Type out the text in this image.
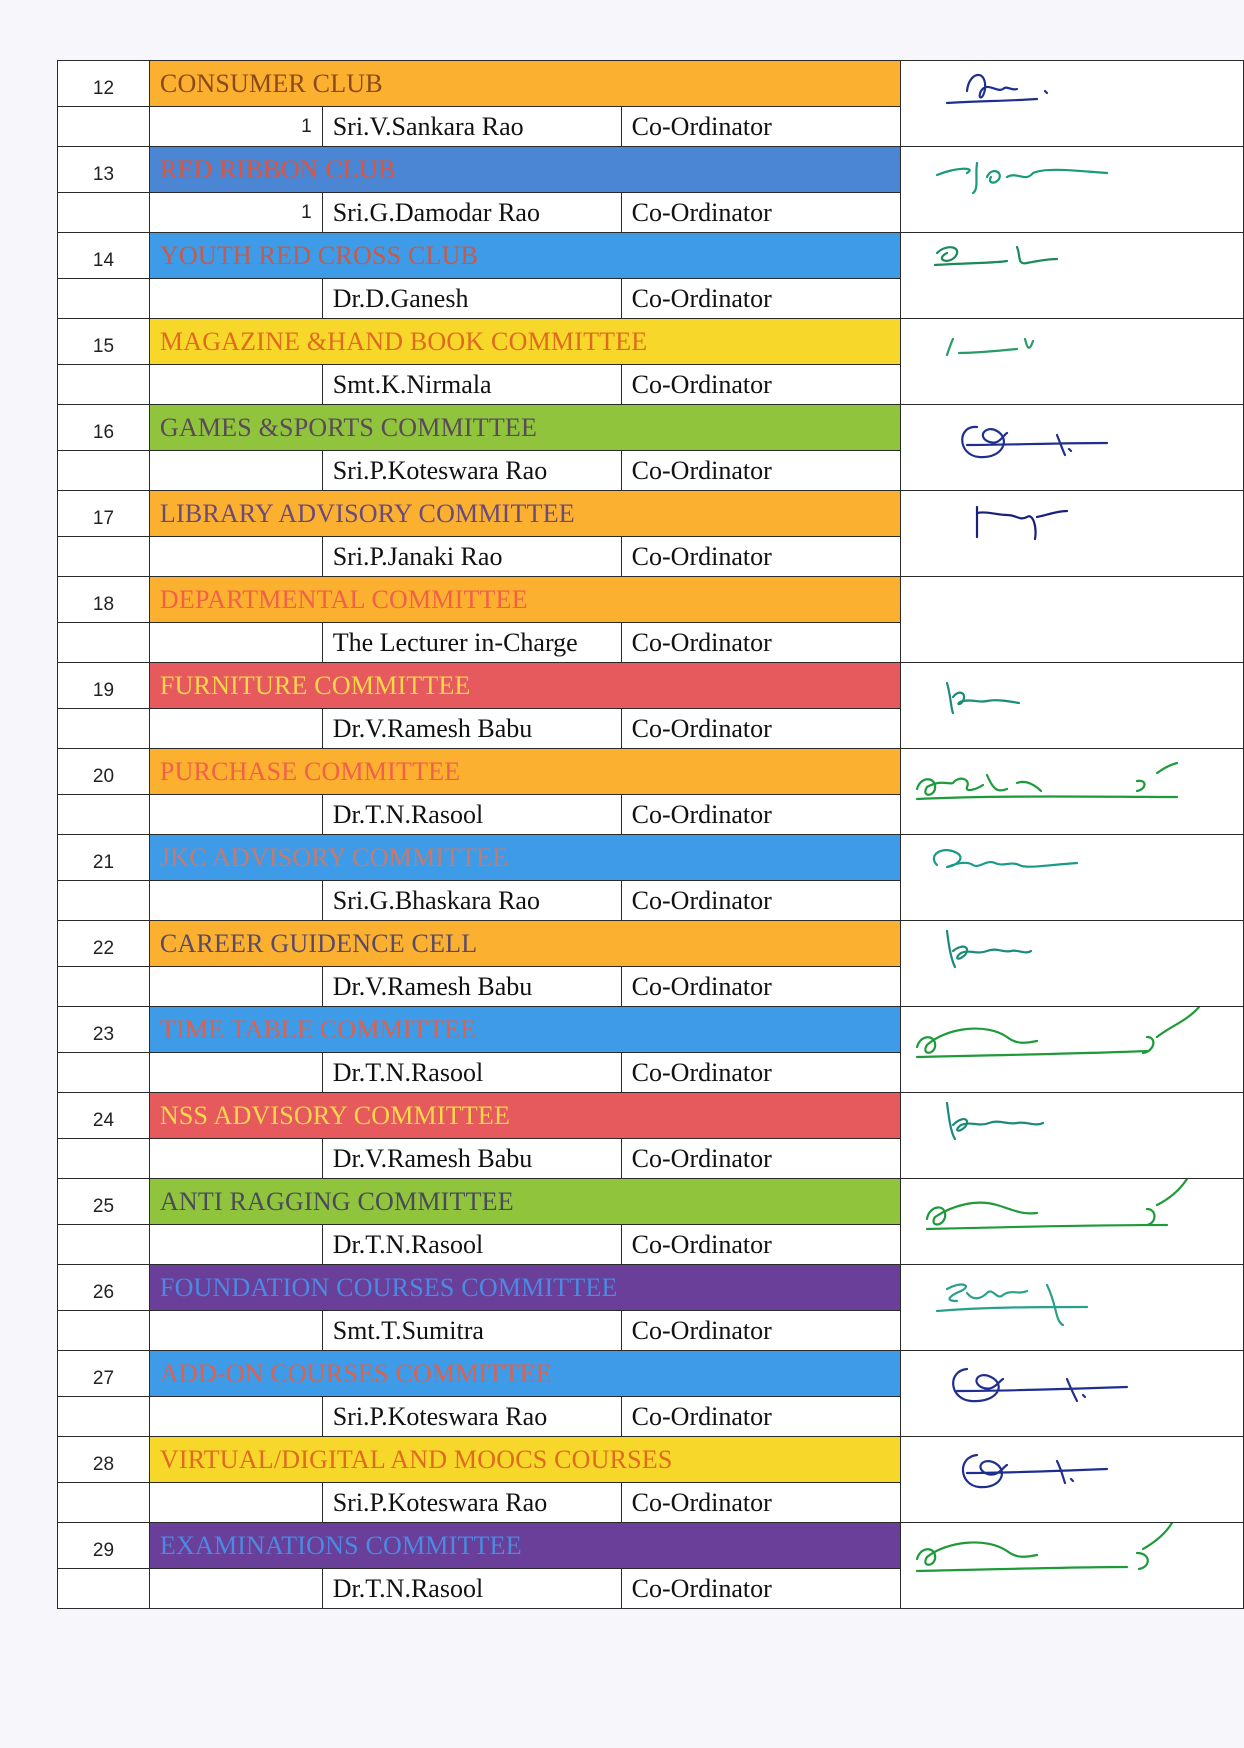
12	CONSUMER CLUB	

	1	Sri.V.Sankara Rao	Co-Ordinator	
13	RED RIBBON CLUB	

	1	Sri.G.Damodar Rao	Co-Ordinator	
14	YOUTH RED CROSS CLUB	

		Dr.D.Ganesh	Co-Ordinator	
15	MAGAZINE &HAND BOOK COMMITTEE	

		Smt.K.Nirmala	Co-Ordinator	
16	GAMES &SPORTS COMMITTEE	

		Sri.P.Koteswara Rao	Co-Ordinator	
17	LIBRARY ADVISORY COMMITTEE	

		Sri.P.Janaki Rao	Co-Ordinator	
18	DEPARTMENTAL COMMITTEE			
		The Lecturer in-Charge	Co-Ordinator	
19	FURNITURE COMMITTEE	

		Dr.V.Ramesh Babu	Co-Ordinator	
20	PURCHASE COMMITTEE	

		Dr.T.N.Rasool	Co-Ordinator	
21	JKC ADVISORY COMMITTEE	

		Sri.G.Bhaskara Rao	Co-Ordinator	
22	CAREER GUIDENCE CELL	

		Dr.V.Ramesh Babu	Co-Ordinator	
23	TIME TABLE COMMITTEE	

		Dr.T.N.Rasool	Co-Ordinator	
24	NSS ADVISORY COMMITTEE	

		Dr.V.Ramesh Babu	Co-Ordinator	
25	ANTI RAGGING COMMITTEE	

		Dr.T.N.Rasool	Co-Ordinator	
26	FOUNDATION COURSES COMMITTEE	

		Smt.T.Sumitra	Co-Ordinator	
27	ADD-ON COURSES COMMITTEE	

		Sri.P.Koteswara Rao	Co-Ordinator	
28	VIRTUAL/DIGITAL AND MOOCS COURSES	

		Sri.P.Koteswara Rao	Co-Ordinator	
29	EXAMINATIONS COMMITTEE	

		Dr.T.N.Rasool	Co-Ordinator	
